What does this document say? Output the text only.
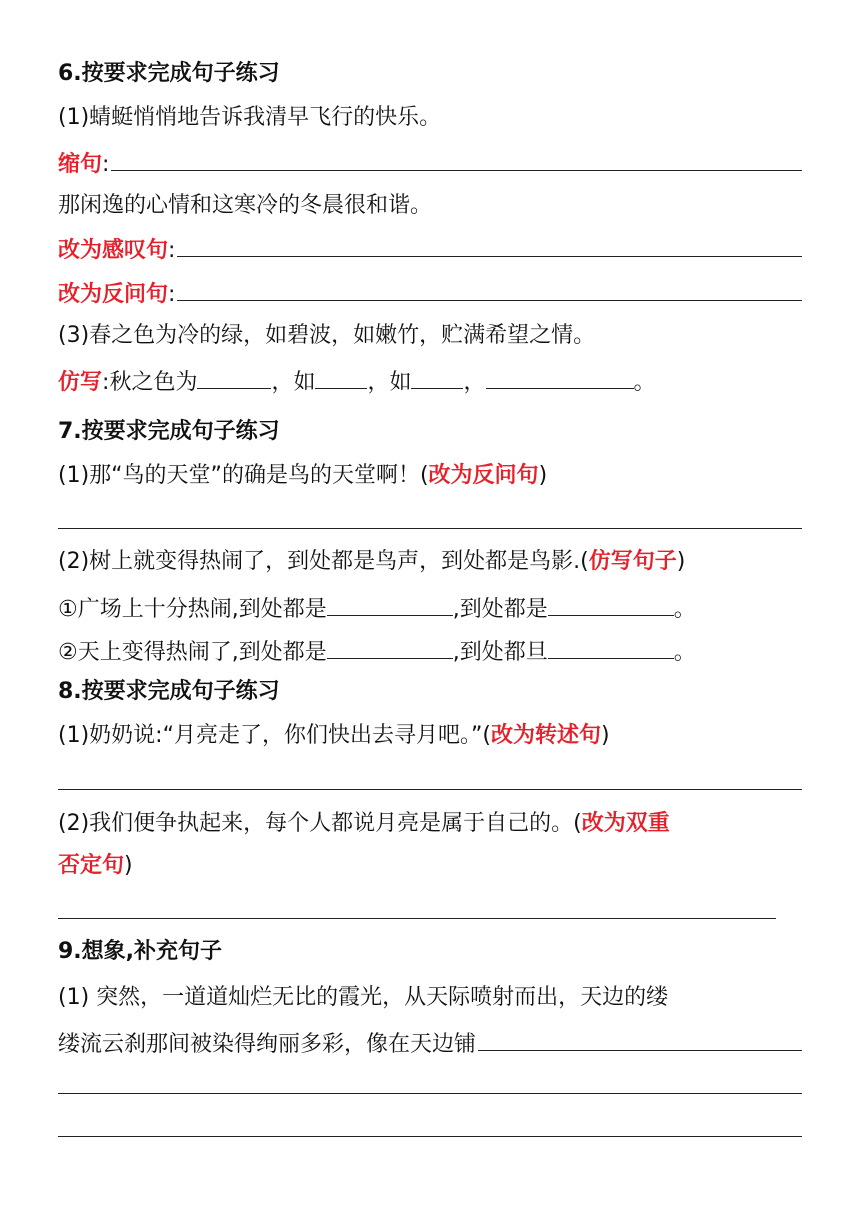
6.按要求完成句子练习
(1)蜻蜓悄悄地告诉我清早飞行的快乐。
缩句 :
那闲逸的心情和这寒冷的冬晨很和谐。
改为感叹句 :
改为反问句 :
(3)春之色为冷的绿，如碧波，如嫩竹，贮满希望之情。
仿写:秋之色为	，如 ，如 ，	。
7.按要求完成句子练习
(1)那“鸟的天堂”的确是鸟的天堂啊！(改为反问句)
(2)树上就变得热闹了，到处都是鸟声，到处都是鸟影.(仿写句子)
①广场上十分热闹,到处都是	,到处都是	。
②天上变得热闹了,到处都是	,到处都旦	。
8.按要求完成句子练习
(1)奶奶说:“月亮走了，你们快出去寻月吧。”(改为转述句)
(2)我们便争执起来，每个人都说月亮是属于自己的。(改为双重
否定句)
9.想象,补充句子
(1) 突然，一道道灿烂无比的霞光，从天际喷射而出，天边的缕
缕流云刹那间被染得绚丽多彩，像在天边铺
